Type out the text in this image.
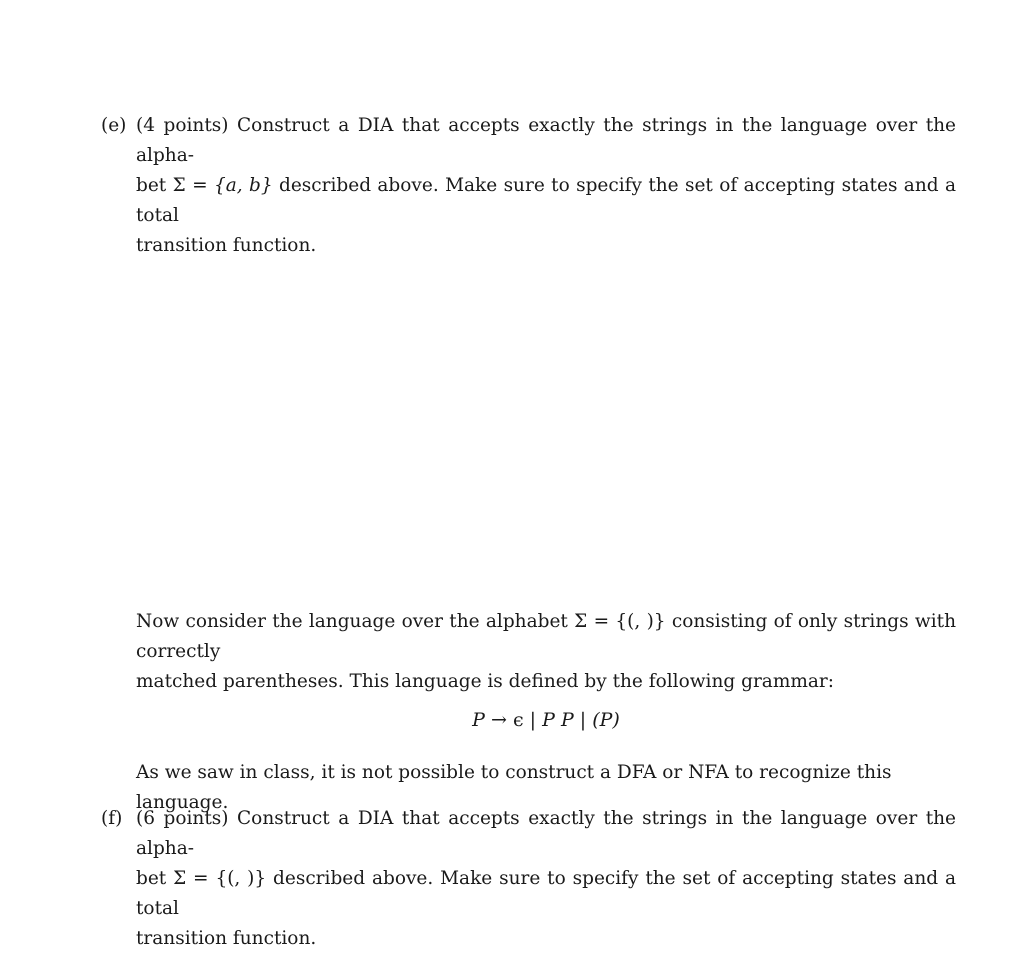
(e) (4 points) Construct a DIA that accepts exactly the strings in the language over the alpha-
bet Σ = {a, b} described above. Make sure to specify the set of accepting states and a total
transition function.
Now consider the language over the alphabet Σ = {(, )} consisting of only strings with correctly
matched parentheses. This language is defined by the following grammar:
P → ϵ | P P | (P)
As we saw in class, it is not possible to construct a DFA or NFA to recognize this language.
(f) (6 points) Construct a DIA that accepts exactly the strings in the language over the alpha-
bet Σ = {(, )} described above. Make sure to specify the set of accepting states and a total
transition function.
